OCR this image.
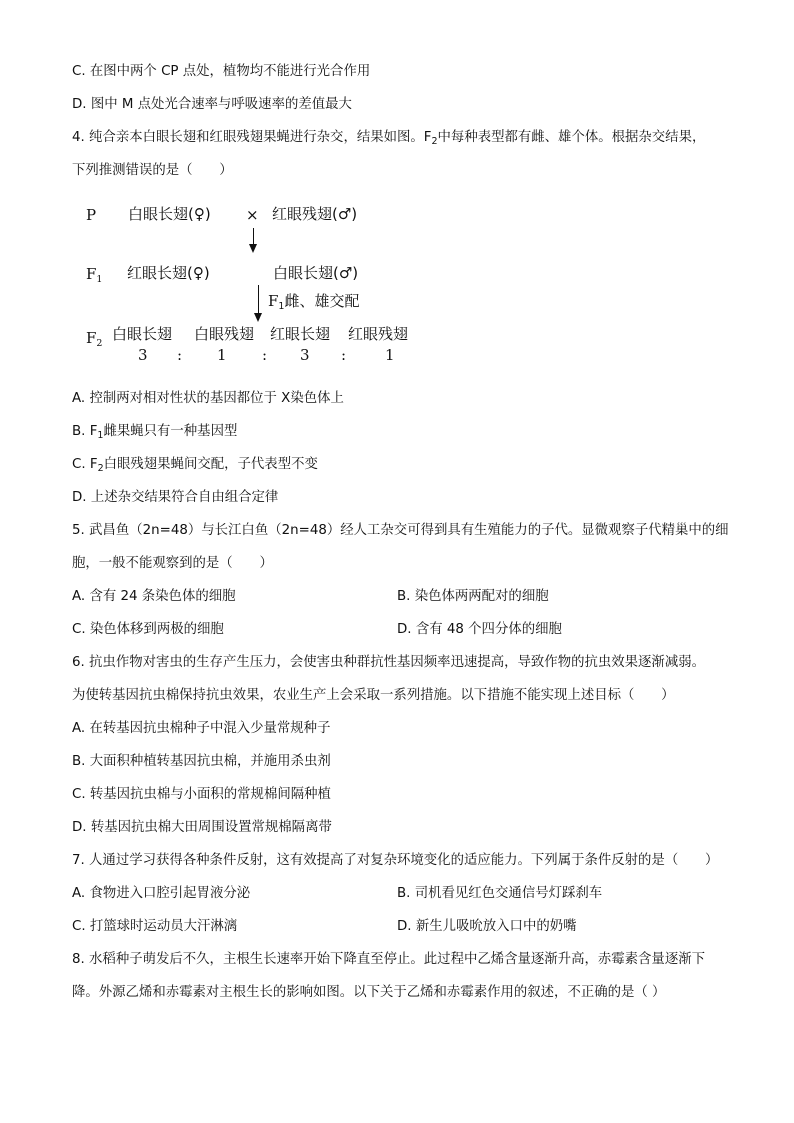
C. 在图中两个 CP 点处，植物均不能进行光合作用
D. 图中 M 点处光合速率与呼吸速率的差值最大
4. 纯合亲本白眼长翅和红眼残翅果蝇进行杂交，结果如图。$F_2$中每种表型都有雌、雄个体。根据杂交结果，
下列推测错误的是（　　）
P 白眼长翅(♀) × 红眼残翅(♂)
$F_1$ 红眼长翅(♀)	白眼长翅(♂)
$F_1$雌、雄交配
$F_2$
白眼长翅 白眼残翅 红眼长翅 红眼残翅
3 : 1 : 3 :	1
A. 控制两对相对性状的基因都位于 X染色体上
B. $F_1$雌果蝇只有一种基因型
C. $F_2$白眼残翅果蝇间交配，子代表型不变
D. 上述杂交结果符合自由组合定律
5. 武昌鱼（2n=48）与长江白鱼（2n=48）经人工杂交可得到具有生殖能力的子代。显微观察子代精巢中的细
胞，一般不能观察到的是（　　）
A. 含有 24 条染色体的细胞	B. 染色体两两配对的细胞
C. 染色体移到两极的细胞	D. 含有 48 个四分体的细胞
6. 抗虫作物对害虫的生存产生压力，会使害虫种群抗性基因频率迅速提高，导致作物的抗虫效果逐渐减弱。
为使转基因抗虫棉保持抗虫效果，农业生产上会采取一系列措施。以下措施不能实现上述目标（　　）
A. 在转基因抗虫棉种子中混入少量常规种子
B. 大面积种植转基因抗虫棉，并施用杀虫剂
C. 转基因抗虫棉与小面积的常规棉间隔种植
D. 转基因抗虫棉大田周围设置常规棉隔离带
7. 人通过学习获得各种条件反射，这有效提高了对复杂环境变化的适应能力。下列属于条件反射的是（　　）
A. 食物进入口腔引起胃液分泌	B. 司机看见红色交通信号灯踩刹车
C. 打篮球时运动员大汗淋漓	D. 新生儿吸吮放入口中的奶嘴
8. 水稻种子萌发后不久，主根生长速率开始下降直至停止。此过程中乙烯含量逐渐升高，赤霉素含量逐渐下
降。外源乙烯和赤霉素对主根生长的影响如图。以下关于乙烯和赤霉素作用的叙述，不正确的是（ ）
